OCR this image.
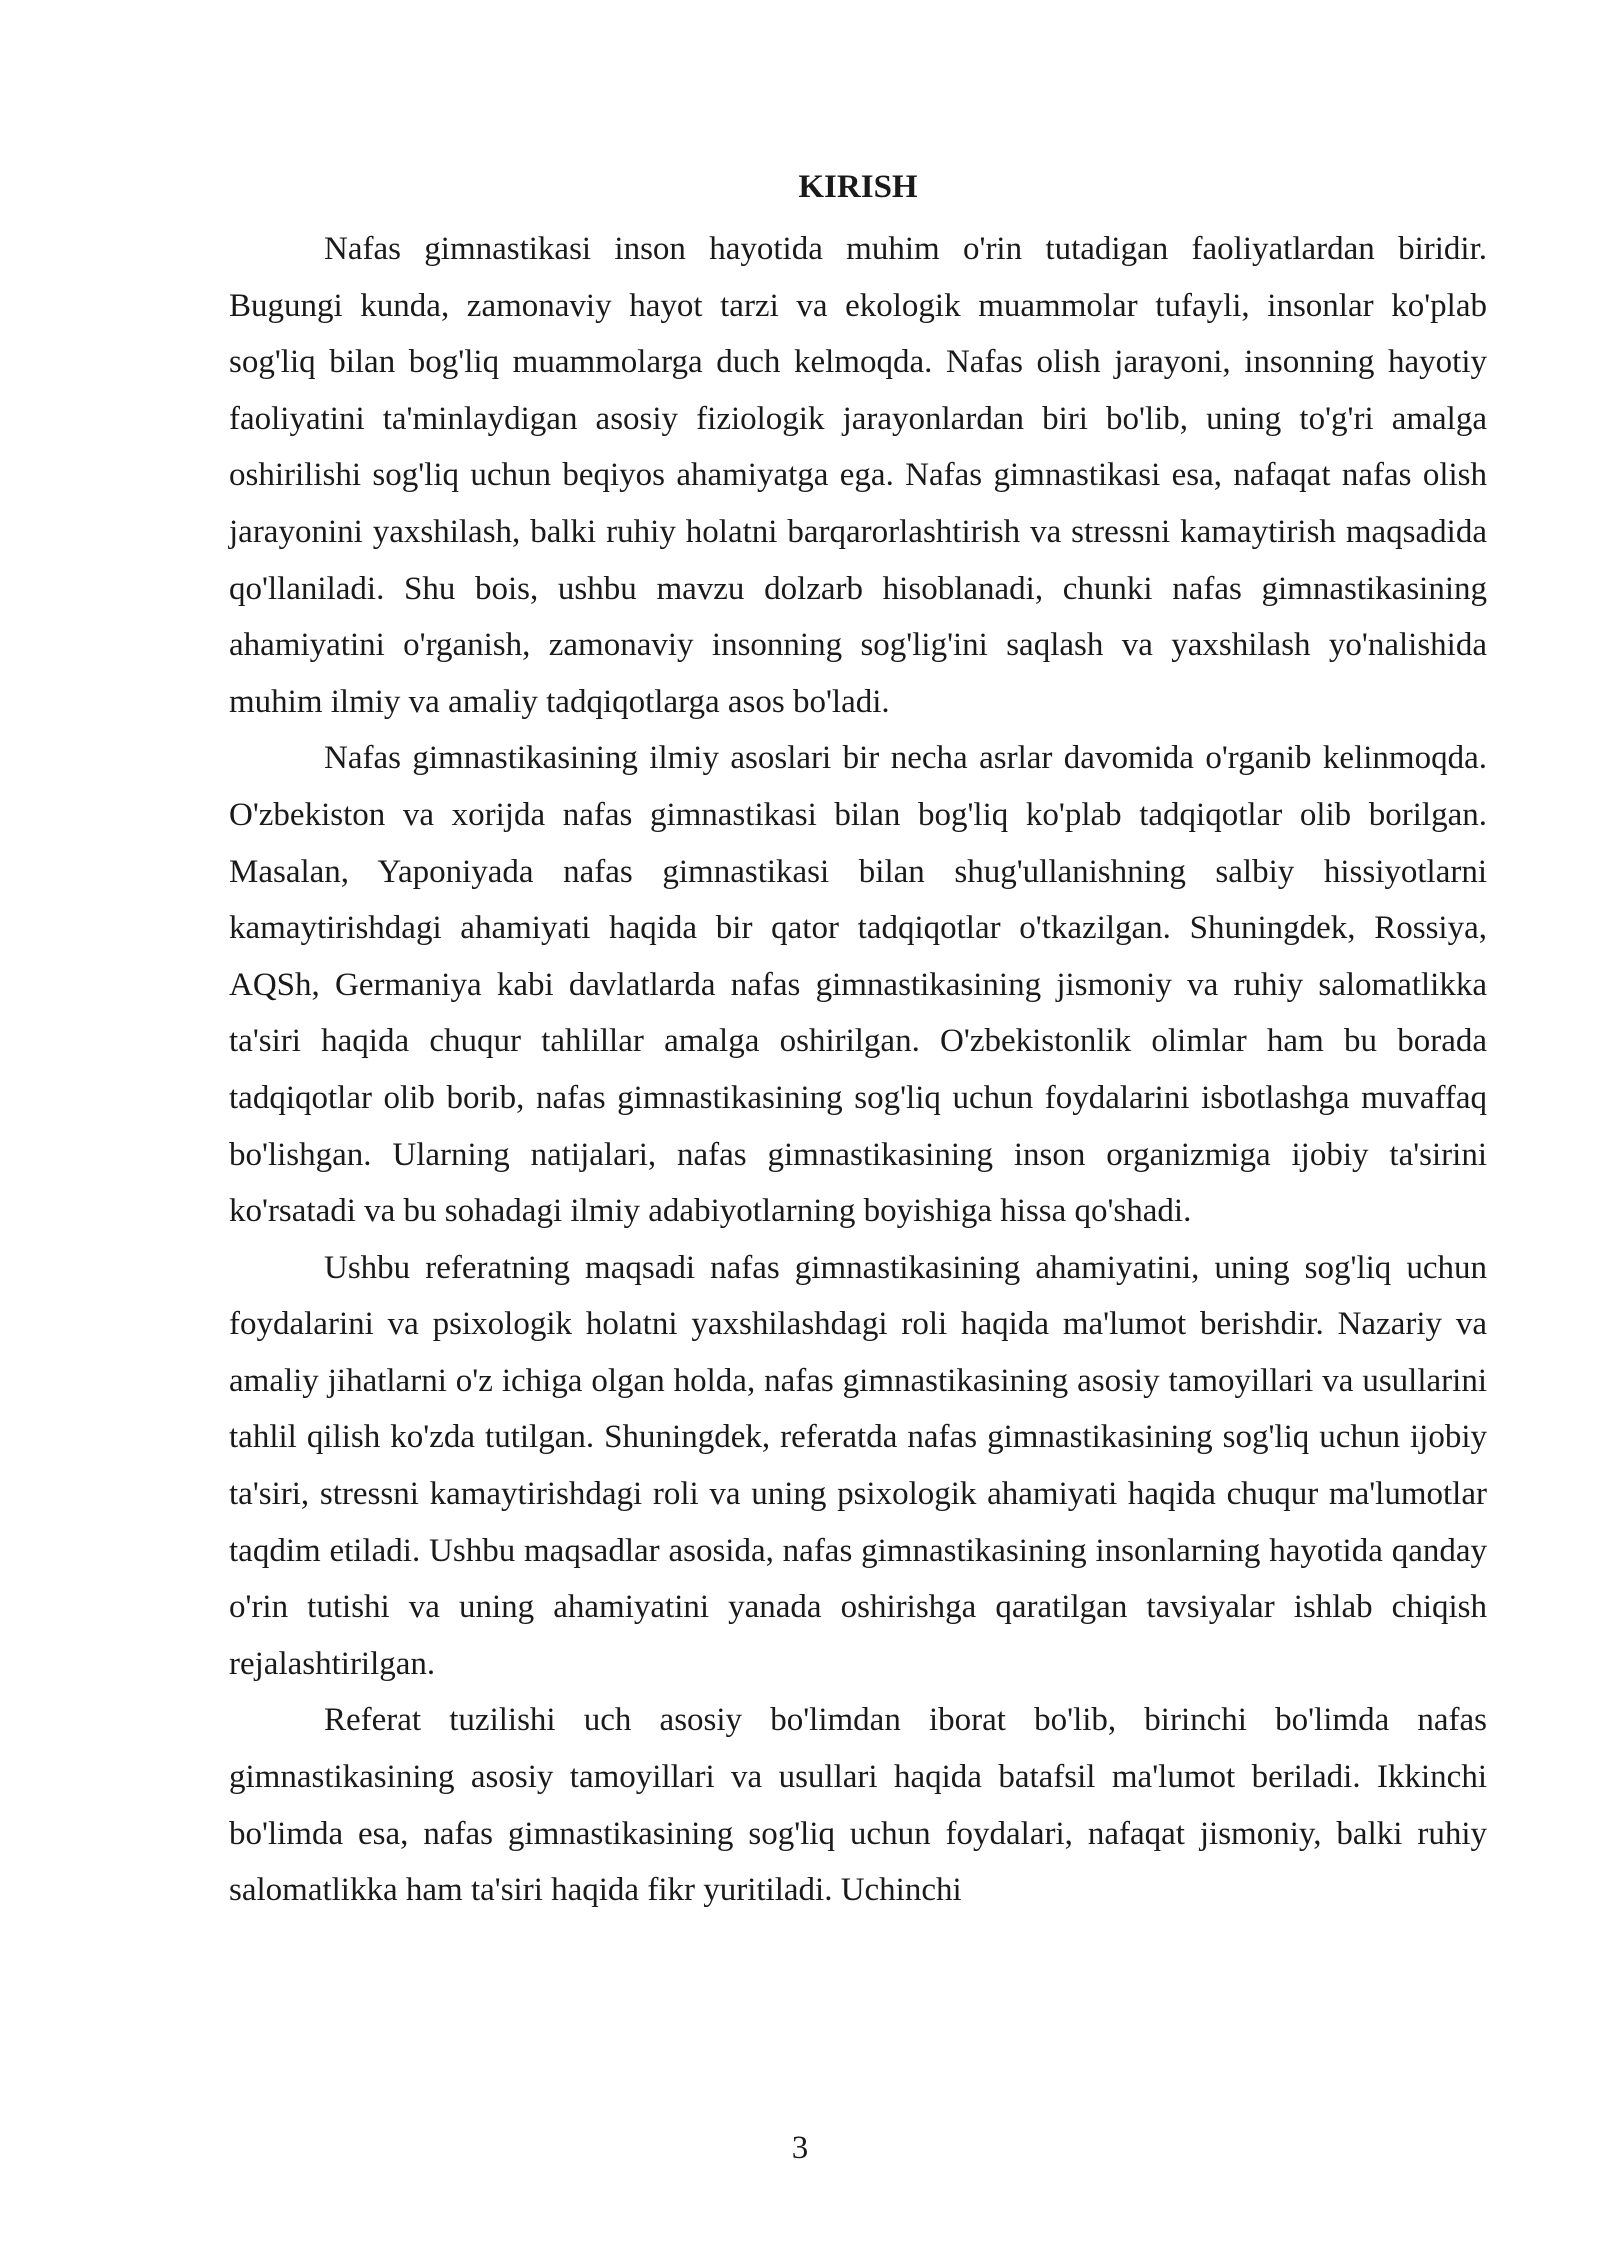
KIRISH

Nafas gimnastikasi inson hayotida muhim o'rin tutadigan faoliyatlardan biridir. Bugungi kunda, zamonaviy hayot tarzi va ekologik muammolar tufayli, insonlar ko'plab sog'liq bilan bog'liq muammolarga duch kelmoqda. Nafas olish jarayoni, insonning hayotiy faoliyatini ta'minlaydigan asosiy fiziologik jarayonlardan biri bo'lib, uning to'g'ri amalga oshirilishi sog'liq uchun beqiyos ahamiyatga ega. Nafas gimnastikasi esa, nafaqat nafas olish jarayonini yaxshilash, balki ruhiy holatni barqarorlashtirish va stressni kamaytirish maqsadida qo'llaniladi. Shu bois, ushbu mavzu dolzarb hisoblanadi, chunki nafas gimnastikasining ahamiyatini o'rganish, zamonaviy insonning sog'lig'ini saqlash va yaxshilash yo'nalishida muhim ilmiy va amaliy tadqiqotlarga asos bo'ladi.

Nafas gimnastikasining ilmiy asoslari bir necha asrlar davomida o'rganib kelinmoqda. O'zbekiston va xorijda nafas gimnastikasi bilan bog'liq ko'plab tadqiqotlar olib borilgan. Masalan, Yaponiyada nafas gimnastikasi bilan shug'ullanishning salbiy hissiyotlarni kamaytirishdagi ahamiyati haqida bir qator tadqiqotlar o'tkazilgan. Shuningdek, Rossiya, AQSh, Germaniya kabi davlatlarda nafas gimnastikasining jismoniy va ruhiy salomatlikka ta'siri haqida chuqur tahlillar amalga oshirilgan. O'zbekistonlik olimlar ham bu borada tadqiqotlar olib borib, nafas gimnastikasining sog'liq uchun foydalarini isbotlashga muvaffaq bo'lishgan. Ularning natijalari, nafas gimnastikasining inson organizmiga ijobiy ta'sirini ko'rsatadi va bu sohadagi ilmiy adabiyotlarning boyishiga hissa qo'shadi.

Ushbu referatning maqsadi nafas gimnastikasining ahamiyatini, uning sog'liq uchun foydalarini va psixologik holatni yaxshilashdagi roli haqida ma'lumot berishdir. Nazariy va amaliy jihatlarni o'z ichiga olgan holda, nafas gimnastikasining asosiy tamoyillari va usullarini tahlil qilish ko'zda tutilgan. Shuningdek, referatda nafas gimnastikasining sog'liq uchun ijobiy ta'siri, stressni kamaytirishdagi roli va uning psixologik ahamiyati haqida chuqur ma'lumotlar taqdim etiladi. Ushbu maqsadlar asosida, nafas gimnastikasining insonlarning hayotida qanday o'rin tutishi va uning ahamiyatini yanada oshirishga qaratilgan tavsiyalar ishlab chiqish rejalashtirilgan.

Referat tuzilishi uch asosiy bo'limdan iborat bo'lib, birinchi bo'limda nafas gimnastikasining asosiy tamoyillari va usullari haqida batafsil ma'lumot beriladi. Ikkinchi bo'limda esa, nafas gimnastikasining sog'liq uchun foydalari, nafaqat jismoniy, balki ruhiy salomatlikka ham ta'siri haqida fikr yuritiladi. Uchinchi

3
